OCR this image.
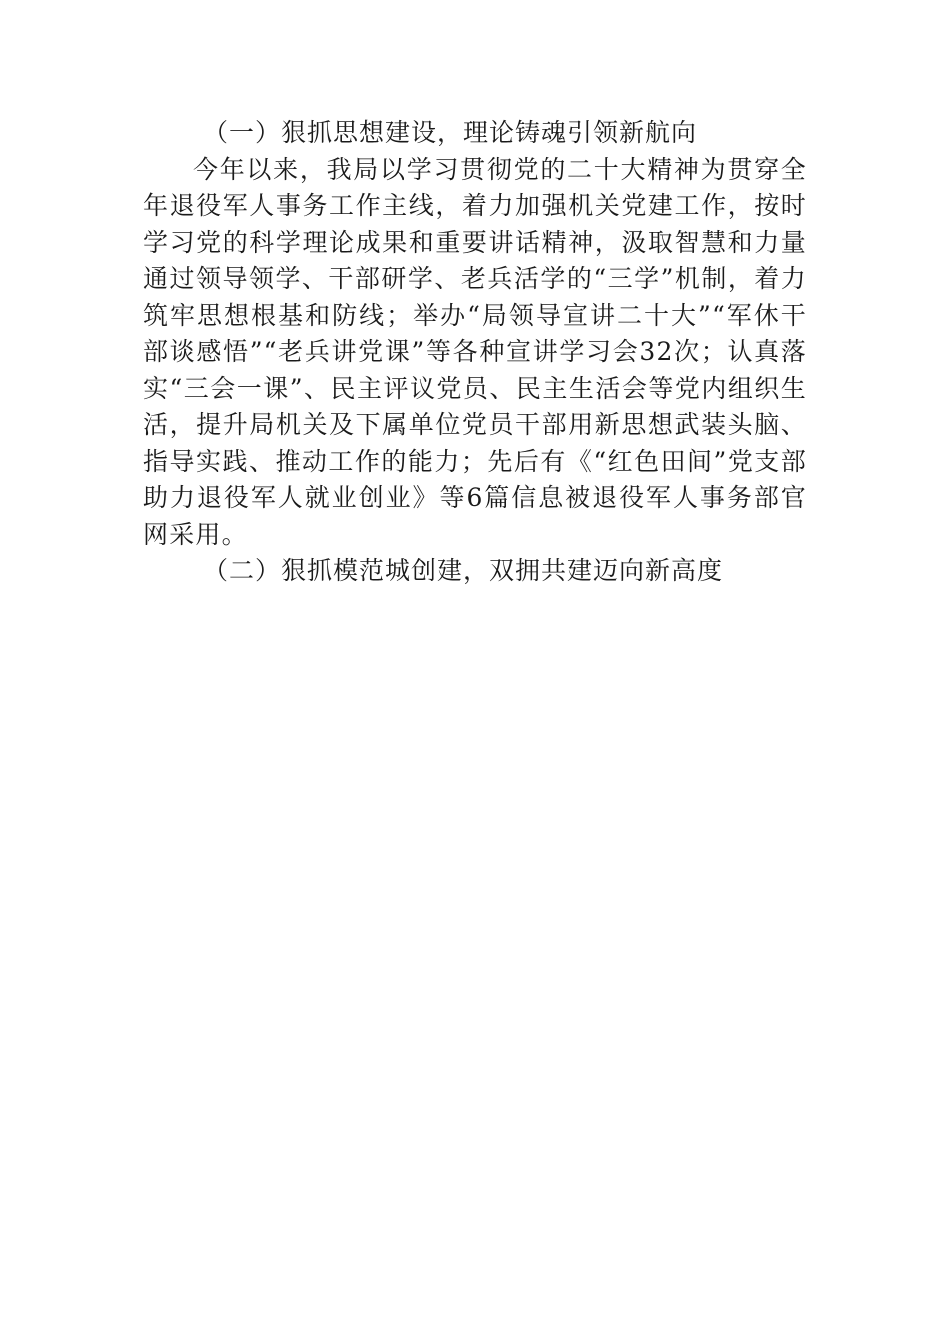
（一）狠抓思想建设，理论铸魂引领新航向

今年以来，我局以学习贯彻党的二十大精神为贯穿全年退役军人事务工作主线，着力加强机关党建工作，按时学习党的科学理论成果和重要讲话精神，汲取智慧和力量通过领导领学、干部研学、老兵活学的“三学”机制，着力筑牢思想根基和防线；举办“局领导宣讲二十大”“军休干部谈感悟”“老兵讲党课”等各种宣讲学习会32次；认真落实“三会一课”、民主评议党员、民主生活会等党内组织生活，提升局机关及下属单位党员干部用新思想武装头脑、指导实践、推动工作的能力；先后有《“红色田间”党支部助力退役军人就业创业》等6篇信息被退役军人事务部官网采用。

（二）狠抓模范城创建，双拥共建迈向新高度
